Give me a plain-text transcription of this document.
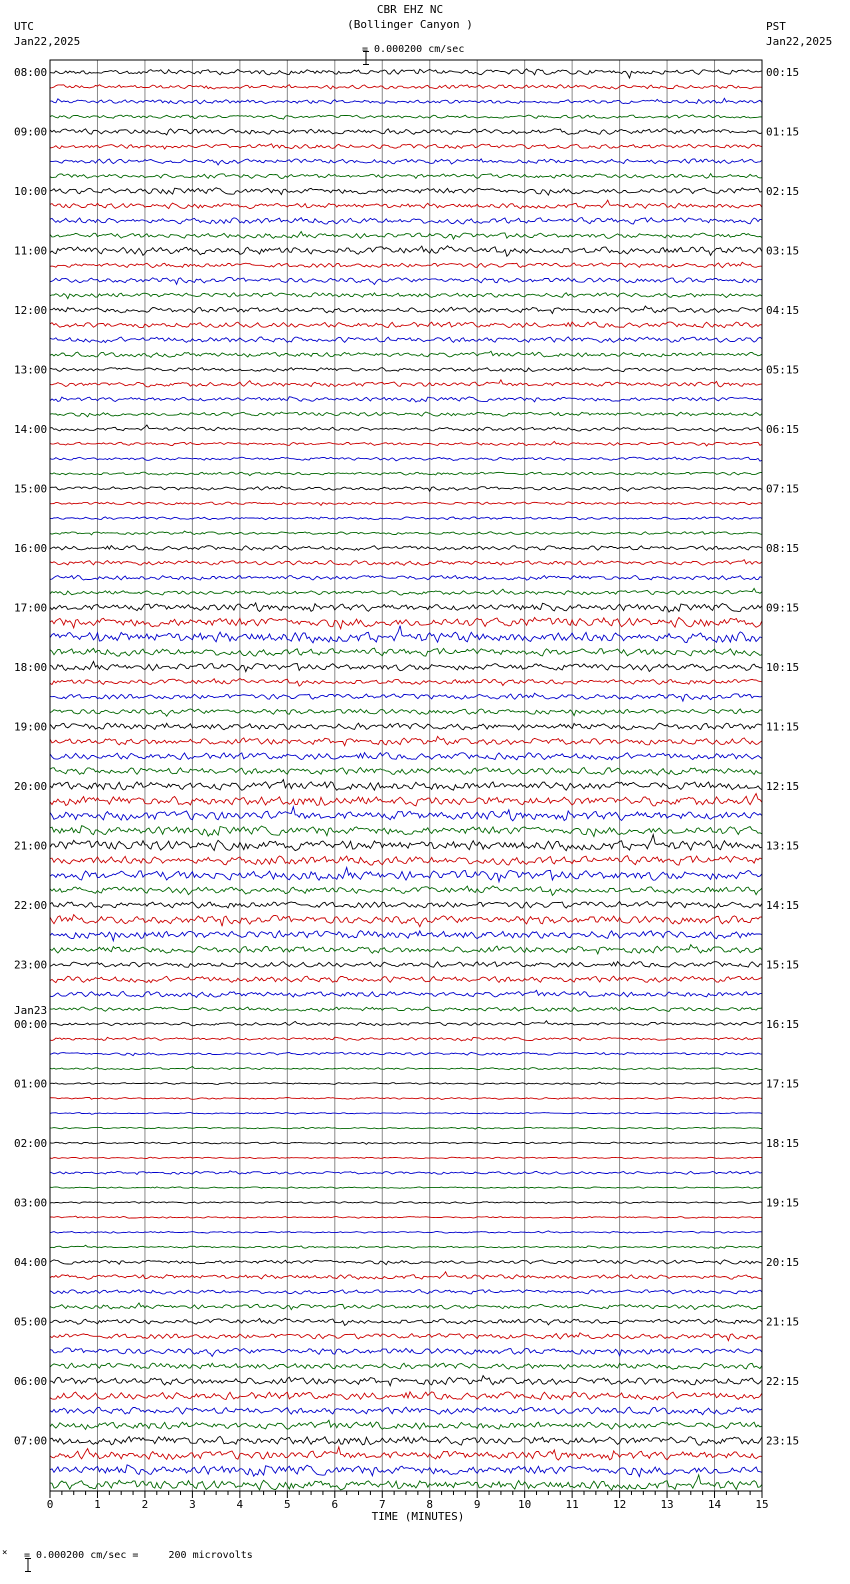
CBR EHZ NC
(Bollinger Canyon )

= 0.000200 cm/sec
UTC
Jan22,2025
PST
Jan22,2025
0	1	2	3	4	5	6	7	8	9	10	11	12	13	14	15
08:00
09:00
10:00
11:00
12:00
13:00
14:00
15:00
16:00
17:00
18:00
19:00
20:00
21:00
22:00
23:00
00:00
01:00
02:00
03:00
04:00
05:00
06:00
07:00
00:15
01:15
02:15
03:15
04:15
05:15
06:15
07:15
08:15
09:15
10:15
11:15
12:15
13:15
14:15
15:15
16:15
17:15
18:15
19:15
20:15
21:15
22:15
23:15
Jan23
TIME (MINUTES)
×

= 0.000200 cm/sec =     200 microvolts
